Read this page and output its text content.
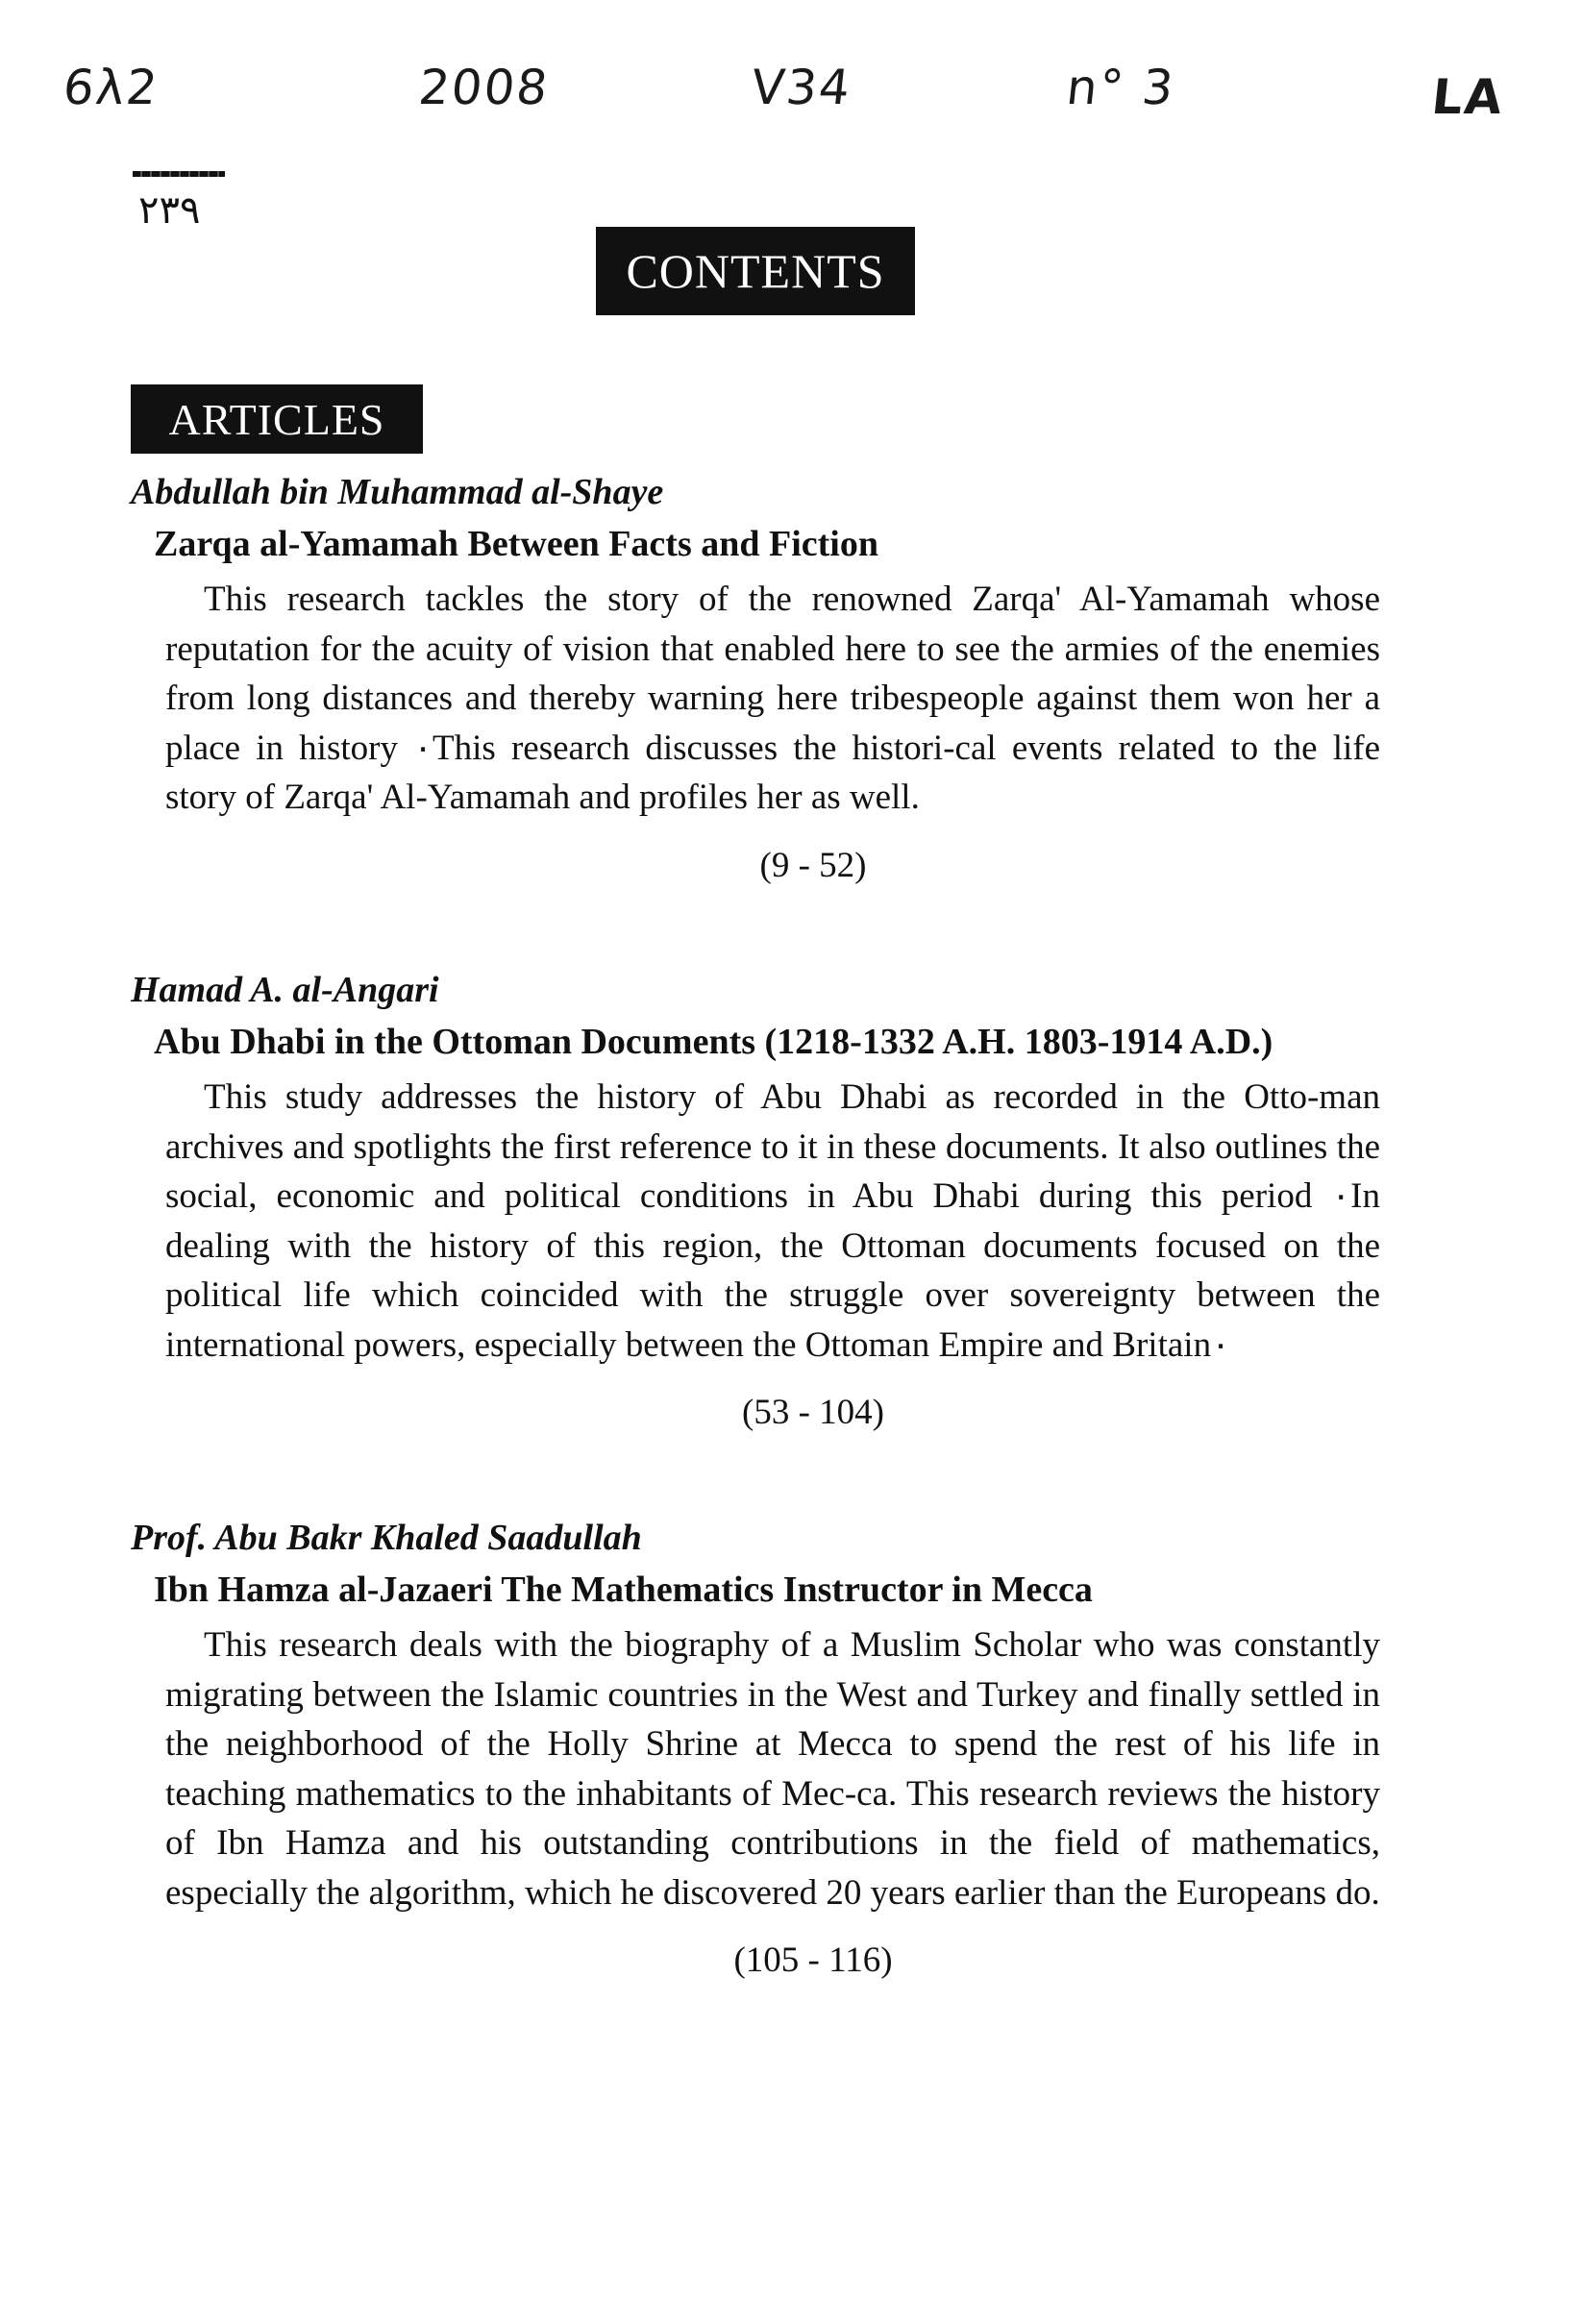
6λ2	2008	V34	n° 3	LA
٢٣٩
CONTENTS
ARTICLES
Abdullah bin Muhammad al-Shaye
Zarqa al-Yamamah Between Facts and Fiction
This research tackles the story of the renowned Zarqa' Al-Yamamah whose reputation for the acuity of vision that enabled here to see the armies of the enemies from long distances and thereby warning here tribespeople against them won her a place in history ٠This research discusses the histori-cal events related to the life story of Zarqa' Al-Yamamah and profiles her as well.
(9 - 52)
Hamad A. al-Angari
Abu Dhabi in the Ottoman Documents (1218-1332 A.H. 1803-1914 A.D.)
This study addresses the history of Abu Dhabi as recorded in the Otto-man archives and spotlights the first reference to it in these documents. It also outlines the social, economic and political conditions in Abu Dhabi during this period ٠In dealing with the history of this region, the Ottoman documents focused on the political life which coincided with the struggle over sovereignty between the international powers, especially between the Ottoman Empire and Britain٠
(53 - 104)
Prof. Abu Bakr Khaled Saadullah
Ibn Hamza al-Jazaeri The Mathematics Instructor in Mecca
This research deals with the biography of a Muslim Scholar who was constantly migrating between the Islamic countries in the West and Turkey and finally settled in the neighborhood of the Holly Shrine at Mecca to spend the rest of his life in teaching mathematics to the inhabitants of Mec-ca. This research reviews the history of Ibn Hamza and his outstanding contributions in the field of mathematics, especially the algorithm, which he discovered 20 years earlier than the Europeans do.
(105 - 116)
